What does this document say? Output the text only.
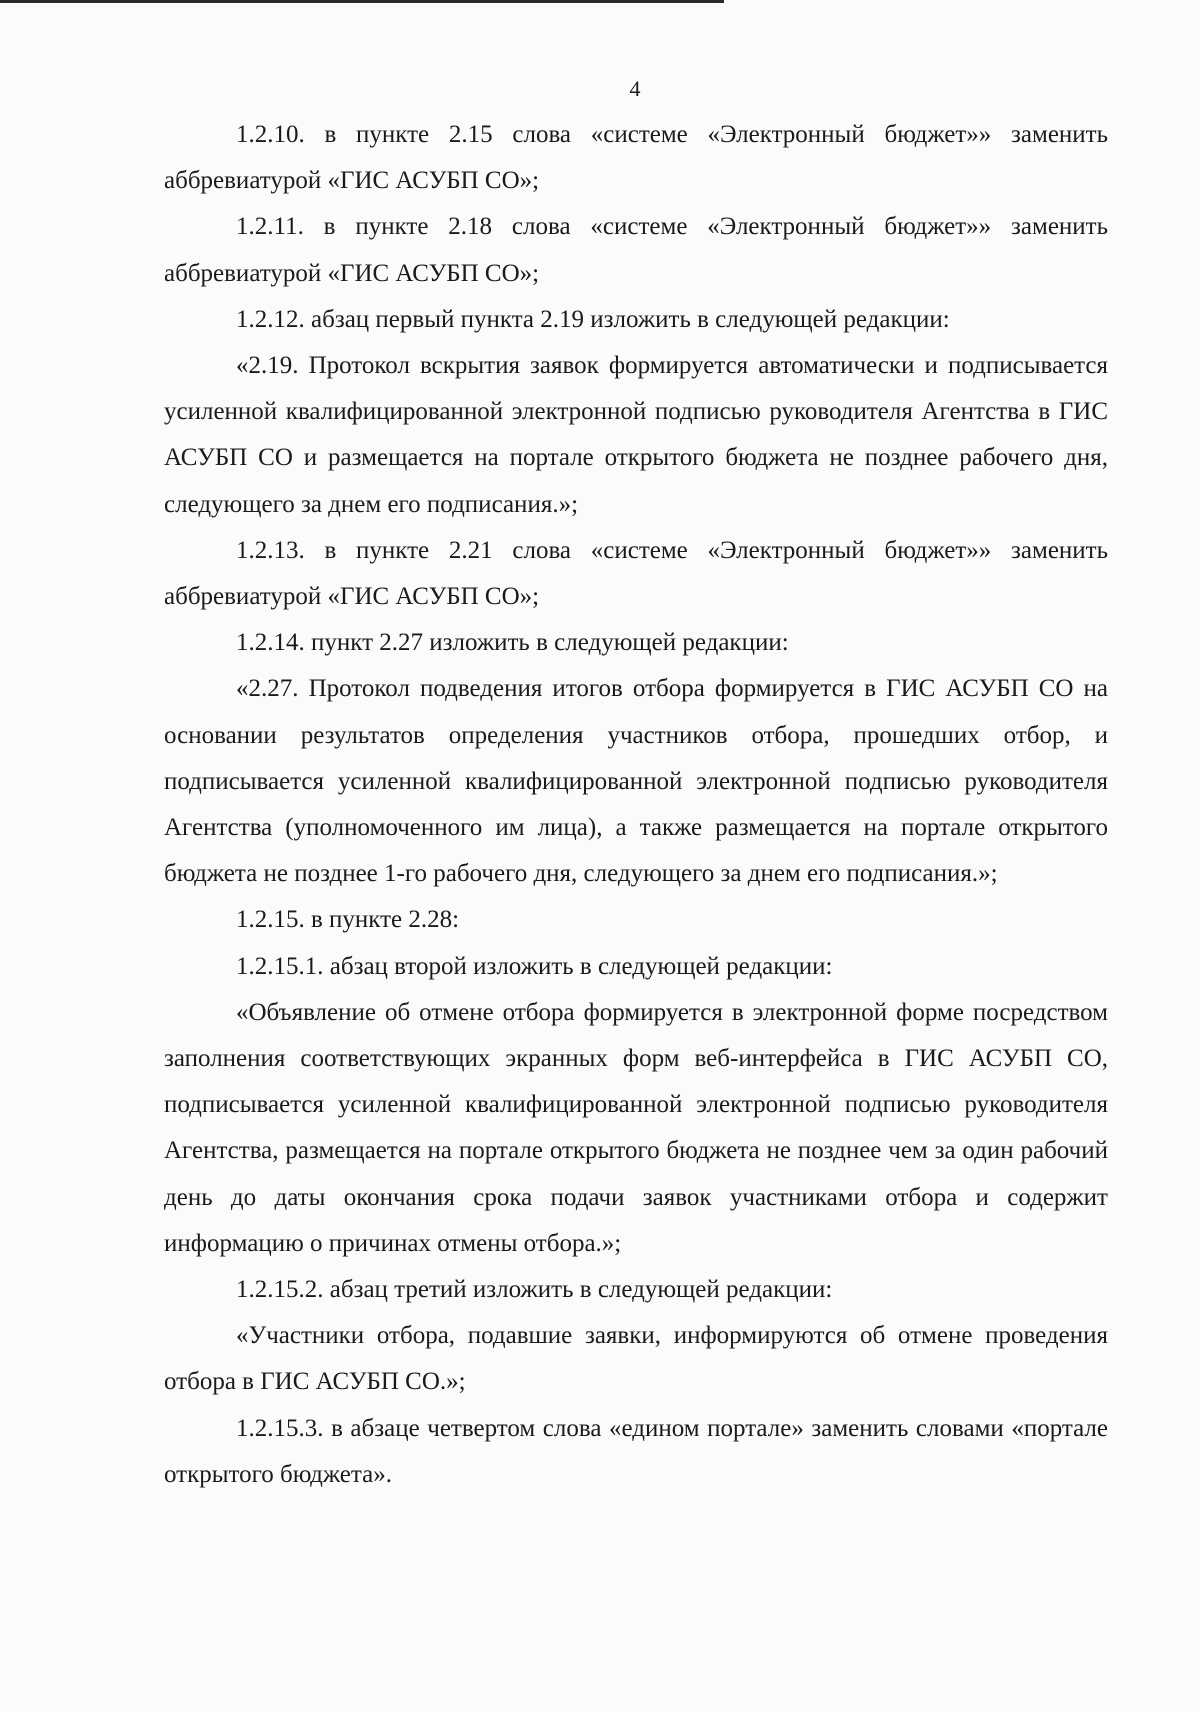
4

1.2.10. в пункте 2.15 слова «системе «Электронный бюджет»» заменить аббревиатурой «ГИС АСУБП СО»;

1.2.11. в пункте 2.18 слова «системе «Электронный бюджет»» заменить аббревиатурой «ГИС АСУБП СО»;

1.2.12. абзац первый пункта 2.19 изложить в следующей редакции:

«2.19. Протокол вскрытия заявок формируется автоматически и подписывается усиленной квалифицированной электронной подписью руководителя Агентства в ГИС АСУБП СО и размещается на портале открытого бюджета не позднее рабочего дня, следующего за днем его подписания.»;

1.2.13. в пункте 2.21 слова «системе «Электронный бюджет»» заменить аббревиатурой «ГИС АСУБП СО»;

1.2.14. пункт 2.27 изложить в следующей редакции:

«2.27. Протокол подведения итогов отбора формируется в ГИС АСУБП СО на основании результатов определения участников отбора, прошедших отбор, и подписывается усиленной квалифицированной электронной подписью руководителя Агентства (уполномоченного им лица), а также размещается на портале открытого бюджета не позднее 1-го рабочего дня, следующего за днем его подписания.»;

1.2.15. в пункте 2.28:

1.2.15.1. абзац второй изложить в следующей редакции:

«Объявление об отмене отбора формируется в электронной форме посредством заполнения соответствующих экранных форм веб-интерфейса в ГИС АСУБП СО, подписывается усиленной квалифицированной электронной подписью руководителя Агентства, размещается на портале открытого бюджета не позднее чем за один рабочий день до даты окончания срока подачи заявок участниками отбора и содержит информацию о причинах отмены отбора.»;

1.2.15.2. абзац третий изложить в следующей редакции:

«Участники отбора, подавшие заявки, информируются об отмене проведения отбора в ГИС АСУБП СО.»;

1.2.15.3. в абзаце четвертом слова «едином портале» заменить словами «портале открытого бюджета».
